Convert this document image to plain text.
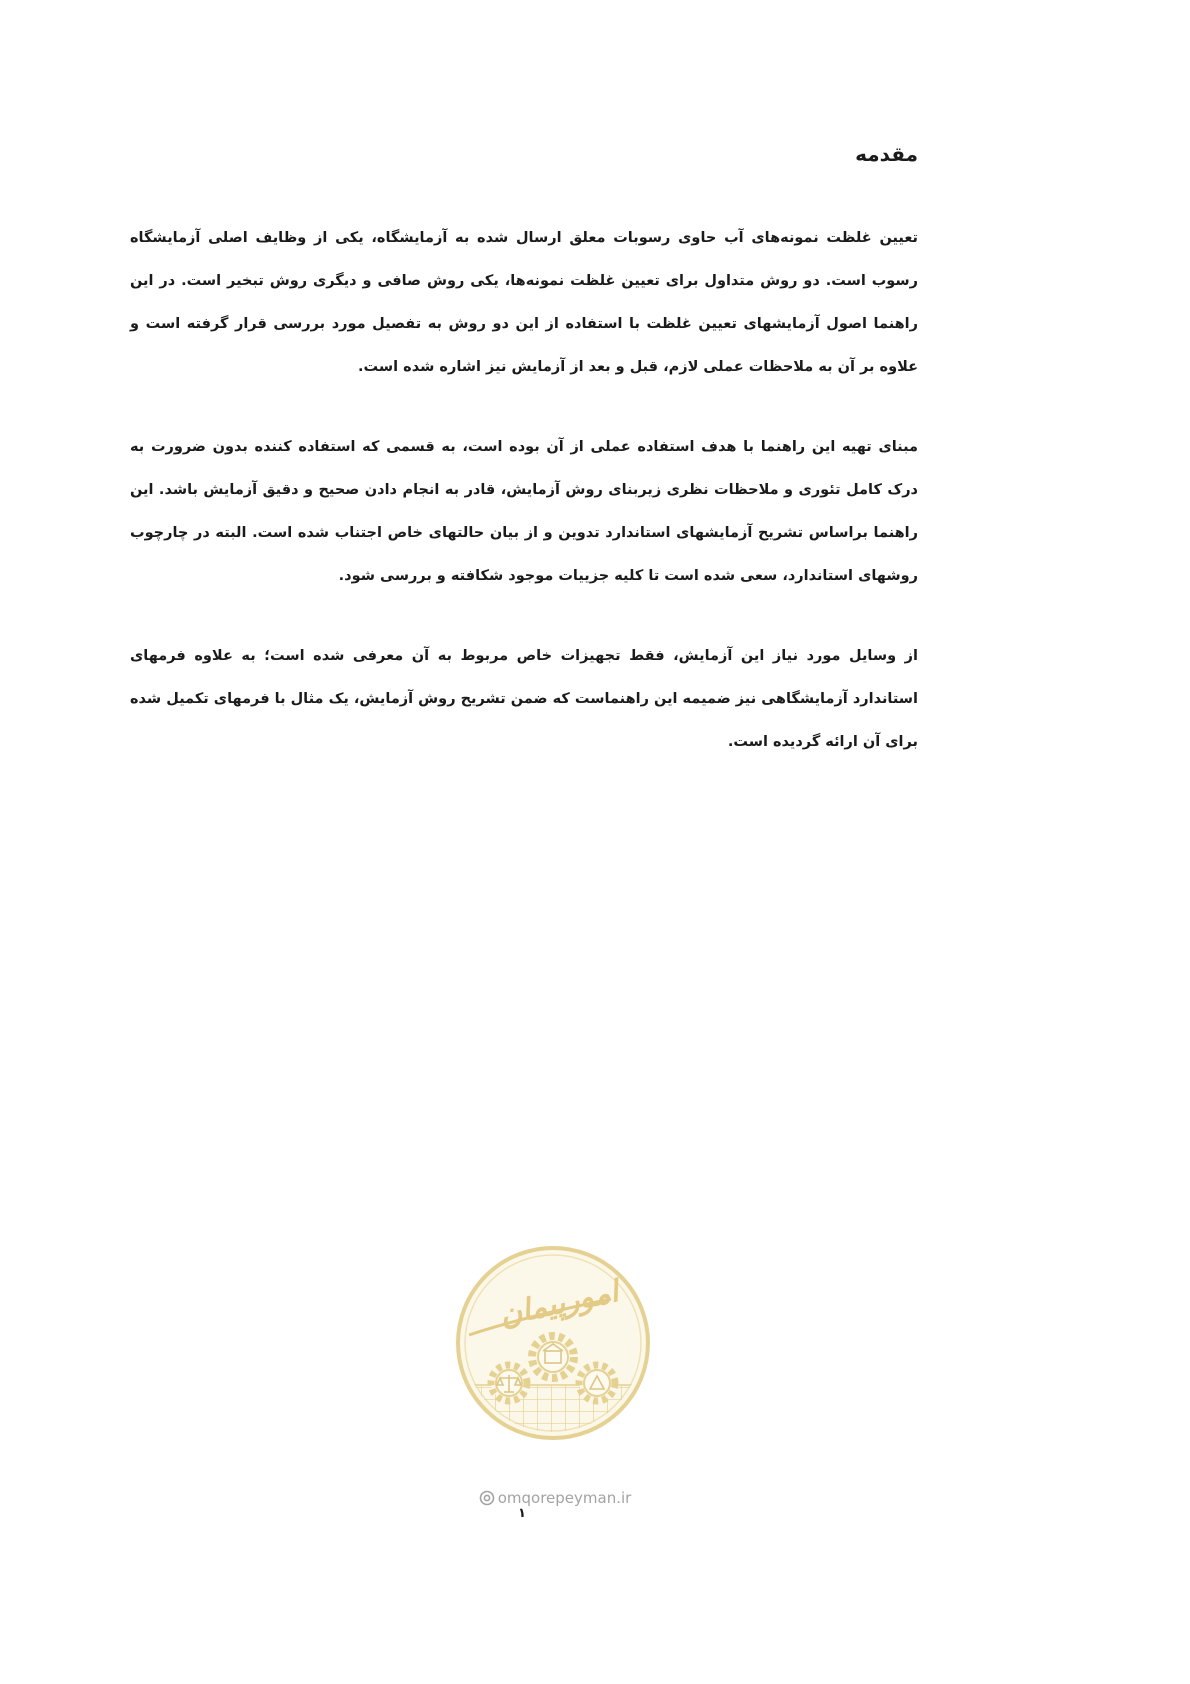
مقدمه

تعیین غلظت نمونه‌های آب حاوی رسوبات معلق ارسال شده به آزمایشگاه، یکی از وظایف اصلی آزمایشگاه رسوب است. دو روش متداول برای تعیین غلظت نمونه‌ها، یکی روش صافی و دیگری روش تبخیر است. در این راهنما اصول آزمایشهای تعیین غلظت با استفاده از این دو روش به تفصیل مورد بررسی قرار گرفته است و علاوه بر آن به ملاحظات عملی لازم، قبل و بعد از آزمایش نیز اشاره شده است.

مبنای تهیه این راهنما با هدف استفاده عملی از آن بوده است، به قسمی که استفاده کننده بدون ضرورت به درک کامل تئوری و ملاحظات نظری زیربنای روش آزمایش، قادر به انجام دادن صحیح و دقیق آزمایش باشد. این راهنما براساس تشریح آزمایشهای استاندارد تدوین و از بیان حالتهای خاص اجتناب شده است. البته در چارچوب روشهای استاندارد، سعی شده است تا کلیه جزییات موجود شکافته و بررسی شود.

از وسایل مورد نیاز این آزمایش، فقط تجهیزات خاص مربوط به آن معرفی شده است؛ به علاوه فرمهای استاندارد آزمایشگاهی نیز ضمیمه این راهنماست که ضمن تشریح روش آزمایش، یک مثال با فرمهای تکمیل شده برای آن ارائه گردیده است.

امورپیمان
omqorepeyman.ir
۱
